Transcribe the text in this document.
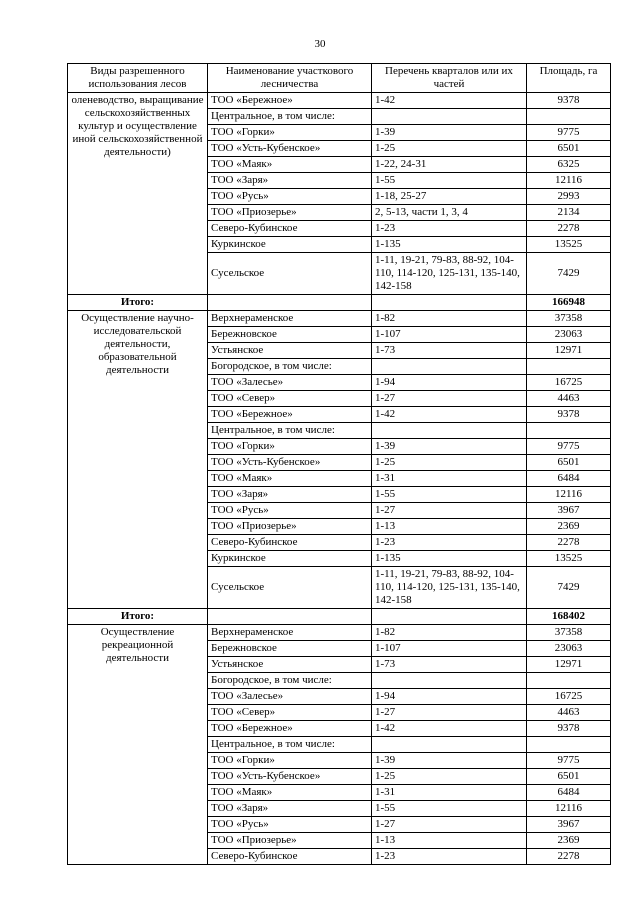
30
Виды разрешенного использования лесов	Наименование участкового лесничества	Перечень кварталов или их частей	Площадь, га
оленеводство, выращивание сельскохозяйственных культур и осуществление иной сельскохозяйственной деятельности)	ТОО «Бережное»	1-42	9378
	Центральное, в том числе:		
	ТОО «Горки»	1-39	9775
	ТОО «Усть-Кубенское»	1-25	6501
	ТОО «Маяк»	1-22, 24-31	6325
	ТОО «Заря»	1-55	12116
	ТОО «Русь»	1-18, 25-27	2993
	ТОО «Приозерье»	2, 5-13, части 1, 3, 4	2134
	Северо-Кубинское	1-23	2278
	Куркинское	1-135	13525
	Сусельское	1-11, 19-21, 79-83, 88-92, 104-110, 114-120, 125-131, 135-140, 142-158	7429
Итого:			166948
Осуществление научно-исследовательской деятельности, образовательной деятельности	Верхнераменское	1-82	37358
	Бережновское	1-107	23063
	Устьянское	1-73	12971
	Богородское, в том числе:		
	ТОО «Залесье»	1-94	16725
	ТОО «Север»	1-27	4463
	ТОО «Бережное»	1-42	9378
	Центральное, в том числе:		
	ТОО «Горки»	1-39	9775
	ТОО «Усть-Кубенское»	1-25	6501
	ТОО «Маяк»	1-31	6484
	ТОО «Заря»	1-55	12116
	ТОО «Русь»	1-27	3967
	ТОО «Приозерье»	1-13	2369
	Северо-Кубинское	1-23	2278
	Куркинское	1-135	13525
	Сусельское	1-11, 19-21, 79-83, 88-92, 104-110, 114-120, 125-131, 135-140, 142-158	7429
Итого:			168402
Осуществление рекреационной деятельности	Верхнераменское	1-82	37358
	Бережновское	1-107	23063
	Устьянское	1-73	12971
	Богородское, в том числе:		
	ТОО «Залесье»	1-94	16725
	ТОО «Север»	1-27	4463
	ТОО «Бережное»	1-42	9378
	Центральное, в том числе:		
	ТОО «Горки»	1-39	9775
	ТОО «Усть-Кубенское»	1-25	6501
	ТОО «Маяк»	1-31	6484
	ТОО «Заря»	1-55	12116
	ТОО «Русь»	1-27	3967
	ТОО «Приозерье»	1-13	2369
	Северо-Кубинское	1-23	2278
